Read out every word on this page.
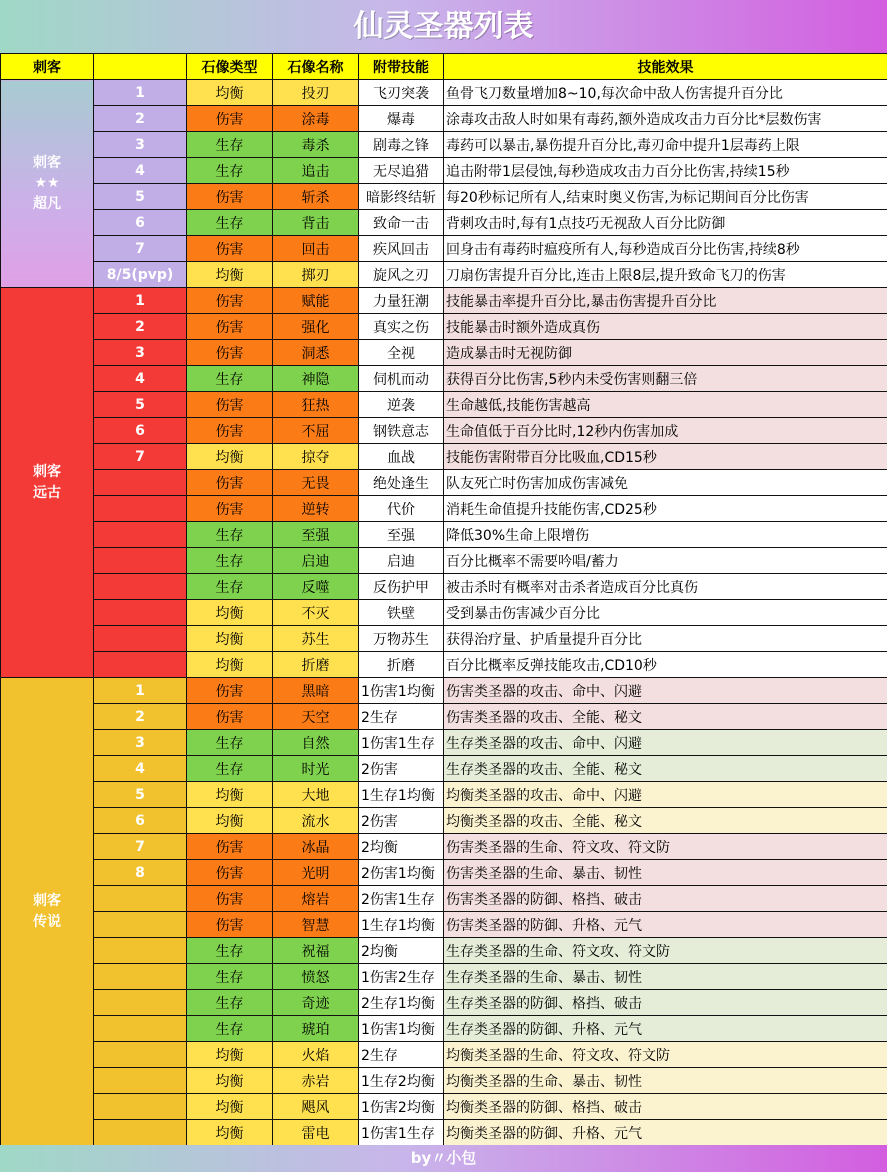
仙灵圣器列表
刺客		石像类型	石像名称	附带技能	技能效果
刺客
★★
超凡	1	均衡	投刃	飞刃突袭	鱼骨飞刀数量增加8~10,每次命中敌人伤害提升百分比
	2	伤害	涂毒	爆毒	涂毒攻击敌人时如果有毒药,额外造成攻击力百分比*层数伤害
	3	生存	毒杀	剧毒之锋	毒药可以暴击,暴伤提升百分比,毒刃命中提升1层毒药上限
	4	生存	追击	无尽追猎	追击附带1层侵蚀,每秒造成攻击力百分比伤害,持续15秒
	5	伤害	斩杀	暗影终结斩	每20秒标记所有人,结束时奥义伤害,为标记期间百分比伤害
	6	生存	背击	致命一击	背刺攻击时,每有1点技巧无视敌人百分比防御
	7	伤害	回击	疾风回击	回身击有毒药时瘟疫所有人,每秒造成百分比伤害,持续8秒
	8/5(pvp)	均衡	掷刃	旋风之刃	刀扇伤害提升百分比,连击上限8层,提升致命飞刀的伤害
刺客
远古	1	伤害	赋能	力量狂潮	技能暴击率提升百分比,暴击伤害提升百分比
	2	伤害	强化	真实之伤	技能暴击时额外造成真伤
	3	伤害	洞悉	全视	造成暴击时无视防御
	4	生存	神隐	伺机而动	获得百分比伤害,5秒内未受伤害则翻三倍
	5	伤害	狂热	逆袭	生命越低,技能伤害越高
	6	伤害	不屈	钢铁意志	生命值低于百分比时,12秒内伤害加成
	7	均衡	掠夺	血战	技能伤害附带百分比吸血,CD15秒
		伤害	无畏	绝处逢生	队友死亡时伤害加成伤害减免
		伤害	逆转	代价	消耗生命值提升技能伤害,CD25秒
		生存	至强	至强	降低30%生命上限增伤
		生存	启迪	启迪	百分比概率不需要吟唱/蓄力
		生存	反噬	反伤护甲	被击杀时有概率对击杀者造成百分比真伤
		均衡	不灭	铁壁	受到暴击伤害减少百分比
		均衡	苏生	万物苏生	获得治疗量、护盾量提升百分比
		均衡	折磨	折磨	百分比概率反弹技能攻击,CD10秒
刺客
传说	1	伤害	黑暗	1伤害1均衡	伤害类圣器的攻击、命中、闪避
	2	伤害	天空	2生存	伤害类圣器的攻击、全能、秘文
	3	生存	自然	1伤害1生存	生存类圣器的攻击、命中、闪避
	4	生存	时光	2伤害	生存类圣器的攻击、全能、秘文
	5	均衡	大地	1生存1均衡	均衡类圣器的攻击、命中、闪避
	6	均衡	流水	2伤害	均衡类圣器的攻击、全能、秘文
	7	伤害	冰晶	2均衡	伤害类圣器的生命、符文攻、符文防
	8	伤害	光明	2伤害1均衡	伤害类圣器的生命、暴击、韧性
		伤害	熔岩	2伤害1生存	伤害类圣器的防御、格挡、破击
		伤害	智慧	1生存1均衡	伤害类圣器的防御、升格、元气
		生存	祝福	2均衡	生存类圣器的生命、符文攻、符文防
		生存	愤怒	1伤害2生存	生存类圣器的生命、暴击、韧性
		生存	奇迹	2生存1均衡	生存类圣器的防御、格挡、破击
		生存	琥珀	1伤害1均衡	生存类圣器的防御、升格、元气
		均衡	火焰	2生存	均衡类圣器的生命、符文攻、符文防
		均衡	赤岩	1生存2均衡	均衡类圣器的生命、暴击、韧性
		均衡	飓风	1伤害2均衡	均衡类圣器的防御、格挡、破击
		均衡	雷电	1伤害1生存	均衡类圣器的防御、升格、元气
by〃小包
